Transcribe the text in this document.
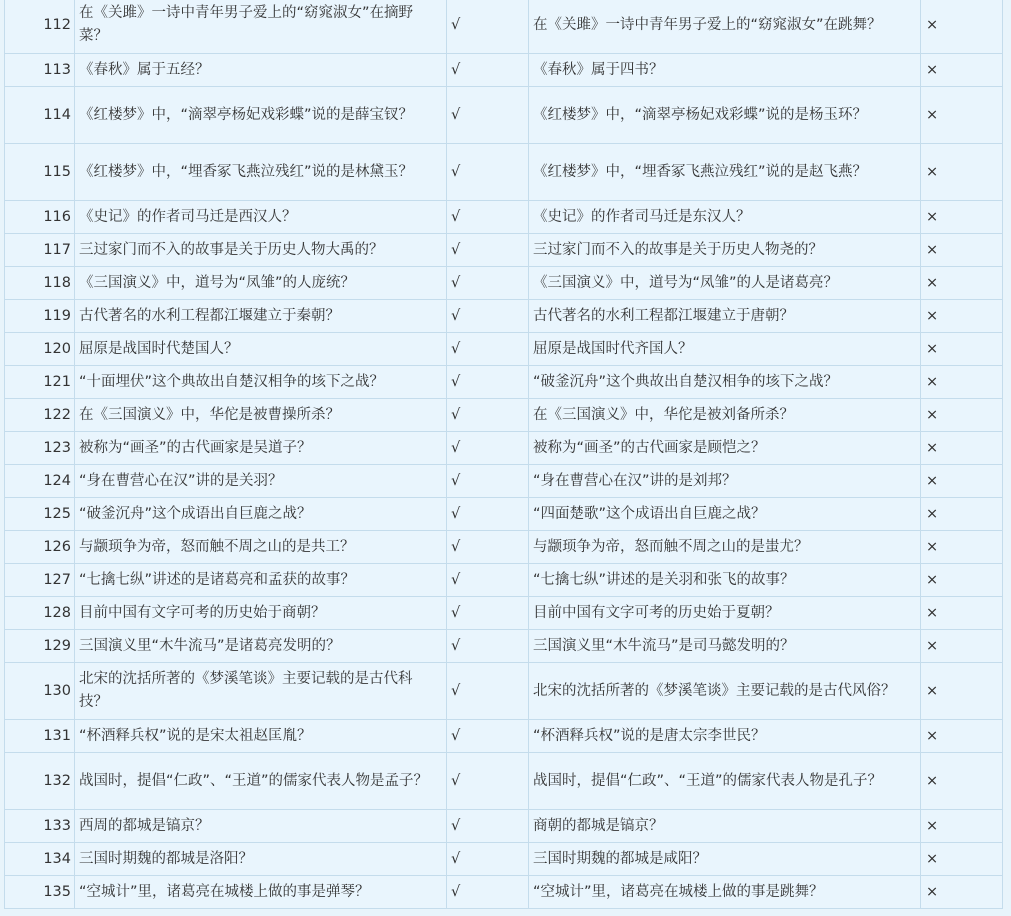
112	在《关雎》一诗中青年男子爱上的“窈窕淑女”在摘野菜？	√	在《关雎》一诗中青年男子爱上的“窈窕淑女”在跳舞？	×
113	《春秋》属于五经？	√	《春秋》属于四书？	×
114	《红楼梦》中，“滴翠亭杨妃戏彩蝶”说的是薛宝钗？	√	《红楼梦》中，“滴翠亭杨妃戏彩蝶”说的是杨玉环？	×
115	《红楼梦》中，“埋香冢飞燕泣残红”说的是林黛玉？	√	《红楼梦》中，“埋香冢飞燕泣残红”说的是赵飞燕？	×
116	《史记》的作者司马迁是西汉人？	√	《史记》的作者司马迁是东汉人？	×
117	三过家门而不入的故事是关于历史人物大禹的？	√	三过家门而不入的故事是关于历史人物尧的？	×
118	《三国演义》中，道号为“凤雏”的人庞统？	√	《三国演义》中，道号为“凤雏”的人是诸葛亮？	×
119	古代著名的水利工程都江堰建立于秦朝？	√	古代著名的水利工程都江堰建立于唐朝？	×
120	屈原是战国时代楚国人？	√	屈原是战国时代齐国人？	×
121	“十面埋伏”这个典故出自楚汉相争的垓下之战？	√	“破釜沉舟”这个典故出自楚汉相争的垓下之战？	×
122	在《三国演义》中，华佗是被曹操所杀？	√	在《三国演义》中，华佗是被刘备所杀？	×
123	被称为“画圣”的古代画家是吴道子？	√	被称为“画圣”的古代画家是顾恺之？	×
124	“身在曹营心在汉”讲的是关羽？	√	“身在曹营心在汉”讲的是刘邦？	×
125	“破釜沉舟”这个成语出自巨鹿之战？	√	“四面楚歌”这个成语出自巨鹿之战？	×
126	与颛顼争为帝，怒而触不周之山的是共工？	√	与颛顼争为帝，怒而触不周之山的是蚩尤？	×
127	“七擒七纵”讲述的是诸葛亮和孟获的故事？	√	“七擒七纵”讲述的是关羽和张飞的故事？	×
128	目前中国有文字可考的历史始于商朝？	√	目前中国有文字可考的历史始于夏朝？	×
129	三国演义里“木牛流马”是诸葛亮发明的？	√	三国演义里“木牛流马”是司马懿发明的？	×
130	北宋的沈括所著的《梦溪笔谈》主要记载的是古代科技？	√	北宋的沈括所著的《梦溪笔谈》主要记载的是古代风俗？	×
131	“杯酒释兵权”说的是宋太祖赵匡胤？	√	“杯酒释兵权”说的是唐太宗李世民？	×
132	战国时，提倡“仁政”、“王道”的儒家代表人物是孟子？	√	战国时，提倡“仁政”、“王道”的儒家代表人物是孔子？	×
133	西周的都城是镐京？	√	商朝的都城是镐京？	×
134	三国时期魏的都城是洛阳？	√	三国时期魏的都城是咸阳？	×
135	“空城计”里，诸葛亮在城楼上做的事是弹琴？	√	“空城计”里，诸葛亮在城楼上做的事是跳舞？	×
